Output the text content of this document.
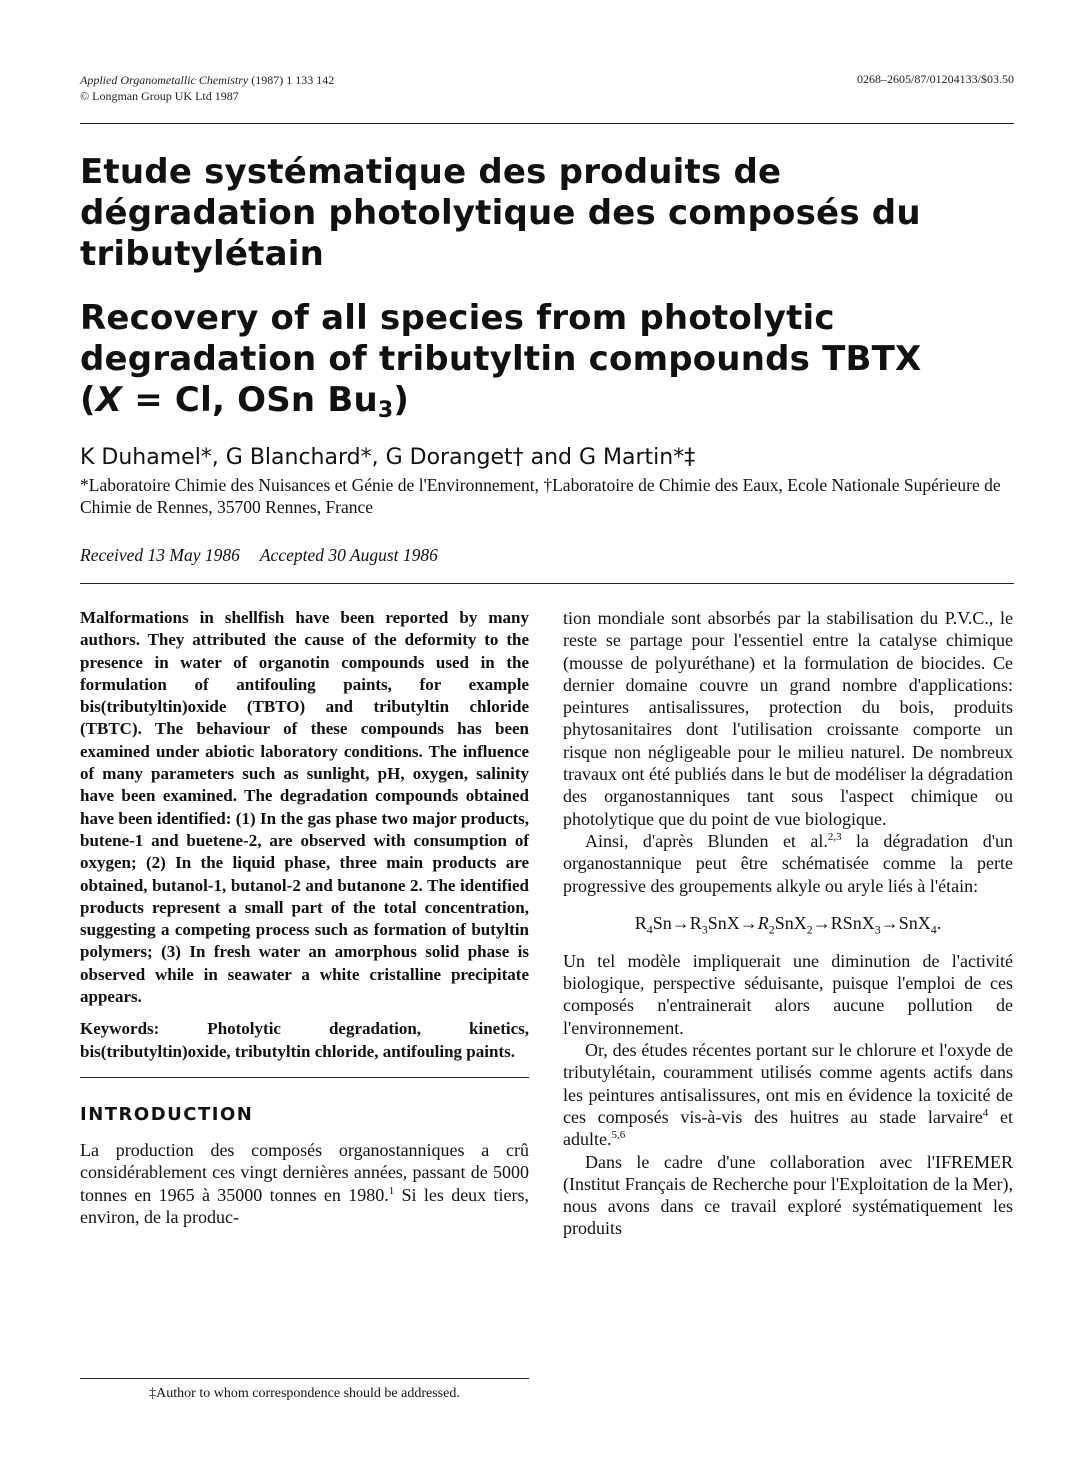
Applied Organometallic Chemistry (1987) 1 133 142
© Longman Group UK Ltd 1987
0268–2605/87/01204133/$03.50
Etude systématique des produits de
dégradation photolytique des composés du
tributylétain
Recovery of all species from photolytic
degradation of tributyltin compounds TBTX
(X = Cl, OSn $Bu_3$)
K Duhamel*, G Blanchard*, G Doranget† and G Martin*‡
*Laboratoire Chimie des Nuisances et Génie de l'Environnement, †Laboratoire de Chimie des Eaux, Ecole Nationale Supérieure de Chimie de Rennes, 35700 Rennes, France
Received 13 May 1986 Accepted 30 August 1986

Malformations in shellfish have been reported by many authors. They attributed the cause of the deformity to the presence in water of organotin compounds used in the formulation of antifouling paints, for example bis(tributyltin)oxide (TBTO) and tributyltin chloride (TBTC). The behaviour of these compounds has been examined under abiotic laboratory conditions. The influence of many parameters such as sunlight, pH, oxygen, salinity have been examined. The degradation compounds obtained have been identified: (1) In the gas phase two major products, butene-1 and buetene-2, are observed with consumption of oxygen; (2) In the liquid phase, three main products are obtained, butanol-1, butanol-2 and butanone 2. The identified products represent a small part of the total concentration, suggesting a competing process such as formation of butyltin polymers; (3) In fresh water an amorphous solid phase is observed while in seawater a white cristalline precipitate appears.

Keywords: Photolytic degradation, kinetics, bis(tributyltin)oxide, tributyltin chloride, antifouling paints.

INTRODUCTION

La production des composés organostanniques a crû considérablement ces vingt dernières années, passant de 5000 tonnes en 1965 à 35000 tonnes en 1980.$^1$ Si les deux tiers, environ, de la produc-

tion mondiale sont absorbés par la stabilisation du P.V.C., le reste se partage pour l'essentiel entre la catalyse chimique (mousse de polyuréthane) et la formulation de biocides. Ce dernier domaine couvre un grand nombre d'applications: peintures antisalissures, protection du bois, produits phytosanitaires dont l'utilisation croissante comporte un risque non négligeable pour le milieu naturel. De nombreux travaux ont été publiés dans le but de modéliser la dégradation des organostanniques tant sous l'aspect chimique ou photolytique que du point de vue biologique.

Ainsi, d'après Blunden et al.$^{2,3}$ la dégradation d'un organostannique peut être schématisée comme la perte progressive des groupements alkyle ou aryle liés à l'étain:

$R_4Sn\to R_3SnX\to R_2SnX_2\to RSnX_3\to SnX_4$.

Un tel modèle impliquerait une diminution de l'activité biologique, perspective séduisante, puisque l'emploi de ces composés n'entrainerait alors aucune pollution de l'environnement.

Or, des études récentes portant sur le chlorure et l'oxyde de tributylétain, couramment utilisés comme agents actifs dans les peintures antisalissures, ont mis en évidence la toxicité de ces composés vis-à-vis des huitres au stade larvaire$^4$ et adulte.$^{5,6}$

Dans le cadre d'une collaboration avec l'IFREMER (Institut Français de Recherche pour l'Exploitation de la Mer), nous avons dans ce travail exploré systématiquement les produits

‡Author to whom correspondence should be addressed.
